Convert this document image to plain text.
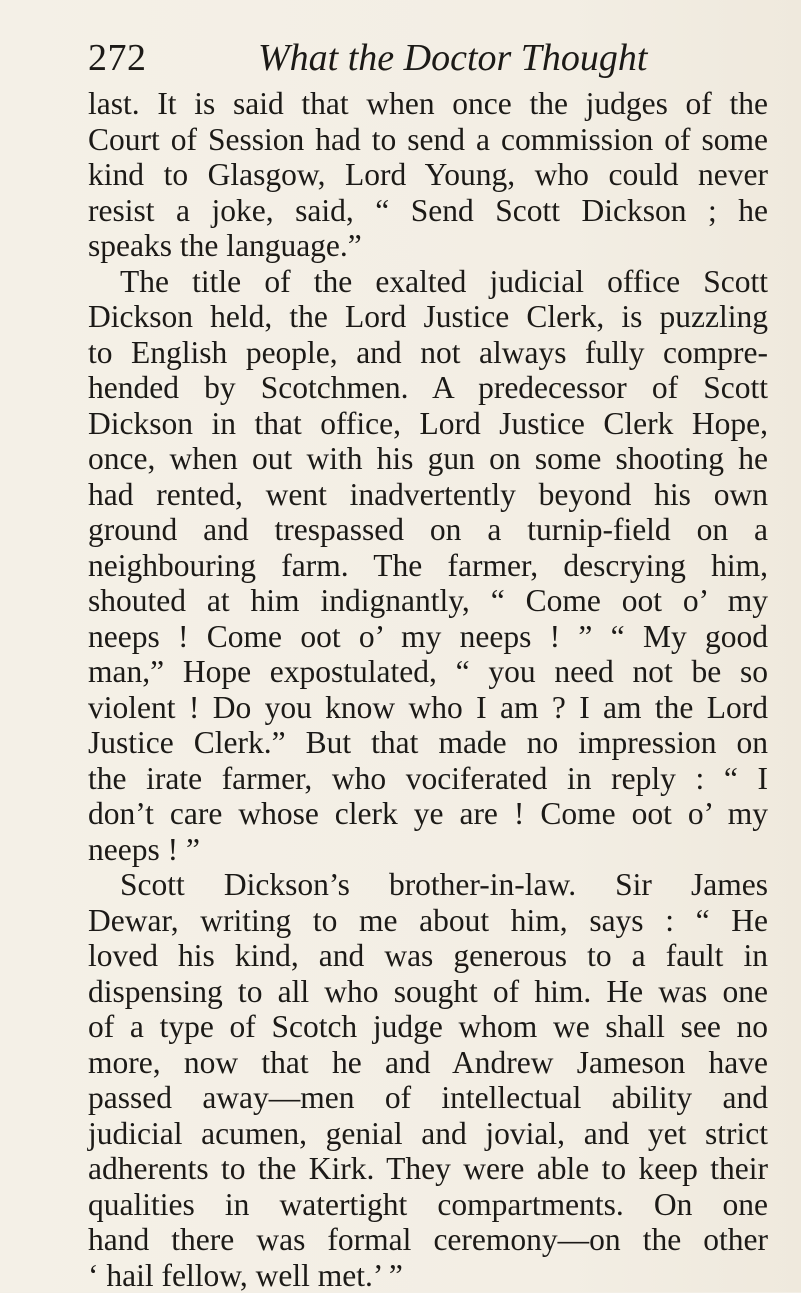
272	What the Doctor Thought
last. It is said that when once the judges of the
Court of Session had to send a commission of some
kind to Glasgow, Lord Young, who could never
resist a joke, said, “ Send Scott Dickson ; he
speaks the language.”
The title of the exalted judicial office Scott
Dickson held, the Lord Justice Clerk, is puzzling
to English people, and not always fully compre-
hended by Scotchmen. A predecessor of Scott
Dickson in that office, Lord Justice Clerk Hope,
once, when out with his gun on some shooting he
had rented, went inadvertently beyond his own
ground and trespassed on a turnip-field on a
neighbouring farm. The farmer, descrying him,
shouted at him indignantly, “ Come oot o’ my
neeps ! Come oot o’ my neeps ! ” “ My good
man,” Hope expostulated, “ you need not be so
violent ! Do you know who I am ? I am the Lord
Justice Clerk.” But that made no impression on
the irate farmer, who vociferated in reply : “ I
don’t care whose clerk ye are ! Come oot o’ my
neeps ! ”
Scott Dickson’s brother-in-law. Sir James
Dewar, writing to me about him, says : “ He
loved his kind, and was generous to a fault in
dispensing to all who sought of him. He was one
of a type of Scotch judge whom we shall see no
more, now that he and Andrew Jameson have
passed away—men of intellectual ability and
judicial acumen, genial and jovial, and yet strict
adherents to the Kirk. They were able to keep their
qualities in watertight compartments. On one
hand there was formal ceremony—on the other
‘ hail fellow, well met.’ ”
